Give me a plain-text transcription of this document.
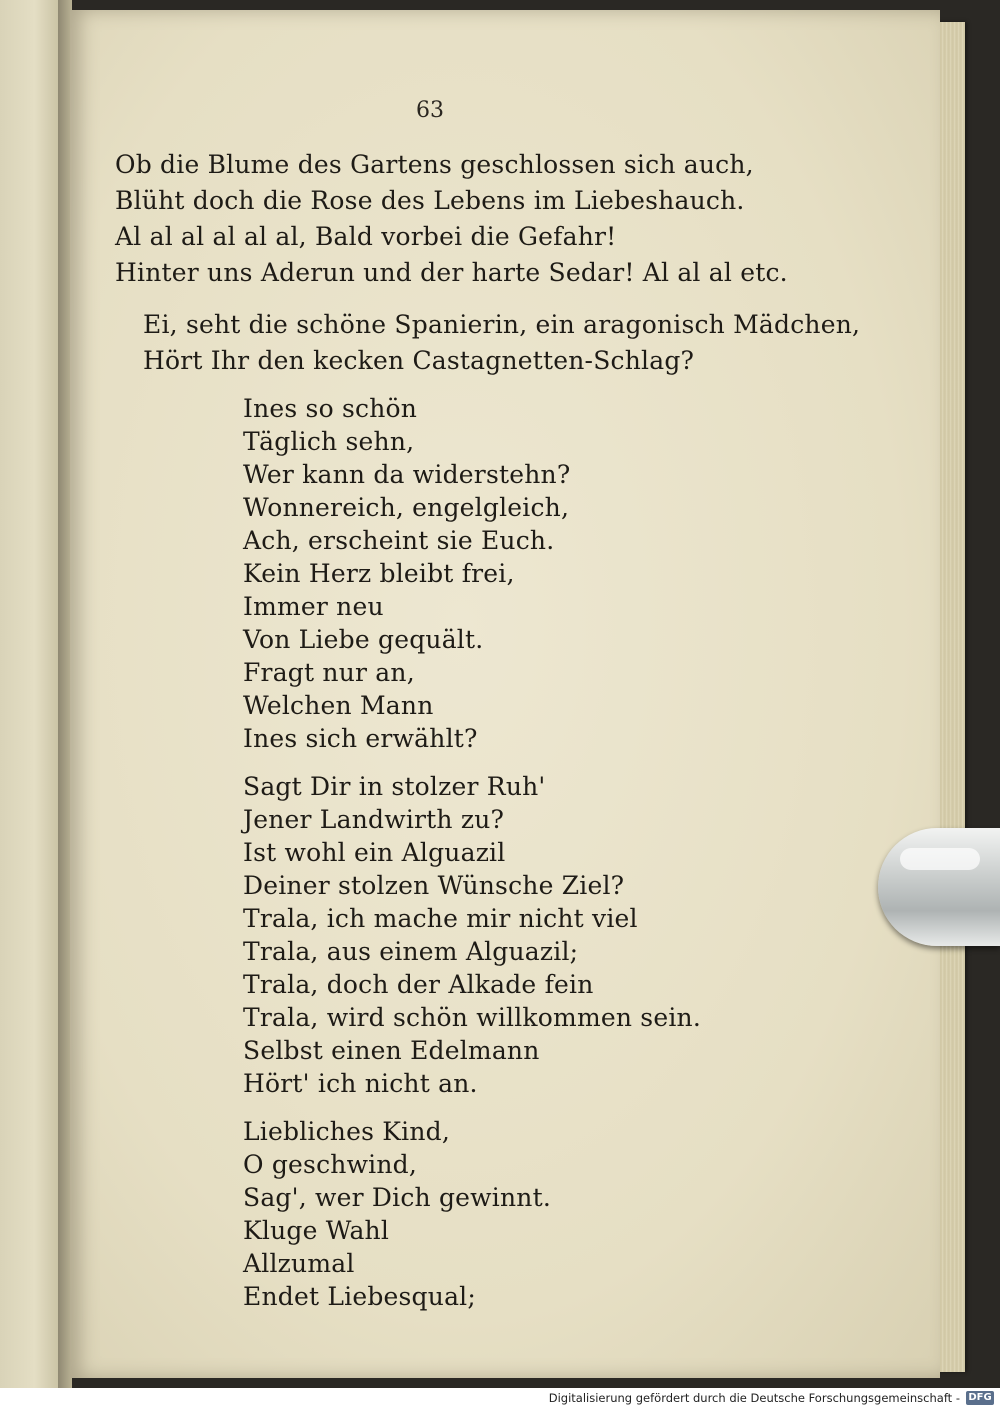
63
Ob die Blume des Gartens geschlossen sich auch,
Blüht doch die Rose des Lebens im Liebeshauch.
Al al al al al al, Bald vorbei die Gefahr!
Hinter uns Aderun und der harte Sedar! Al al al etc.
Ei, seht die schöne Spanierin, ein aragonisch Mädchen,
Hört Ihr den kecken Castagnetten-Schlag?
Ines so schön
Täglich sehn,
Wer kann da widerstehn?
Wonnereich, engelgleich,
Ach, erscheint sie Euch.
Kein Herz bleibt frei,
Immer neu
Von Liebe gequält.
Fragt nur an,
Welchen Mann
Ines sich erwählt?
Sagt Dir in stolzer Ruh'
Jener Landwirth zu?
Ist wohl ein Alguazil
Deiner stolzen Wünsche Ziel?
Trala, ich mache mir nicht viel
Trala, aus einem Alguazil;
Trala, doch der Alkade fein
Trala, wird schön willkommen sein.
Selbst einen Edelmann
Hört' ich nicht an.
Liebliches Kind,
O geschwind,
Sag', wer Dich gewinnt.
Kluge Wahl
Allzumal
Endet Liebesqual;
Digitalisierung gefördert durch die Deutsche Forschungsgemeinschaft - DFG
